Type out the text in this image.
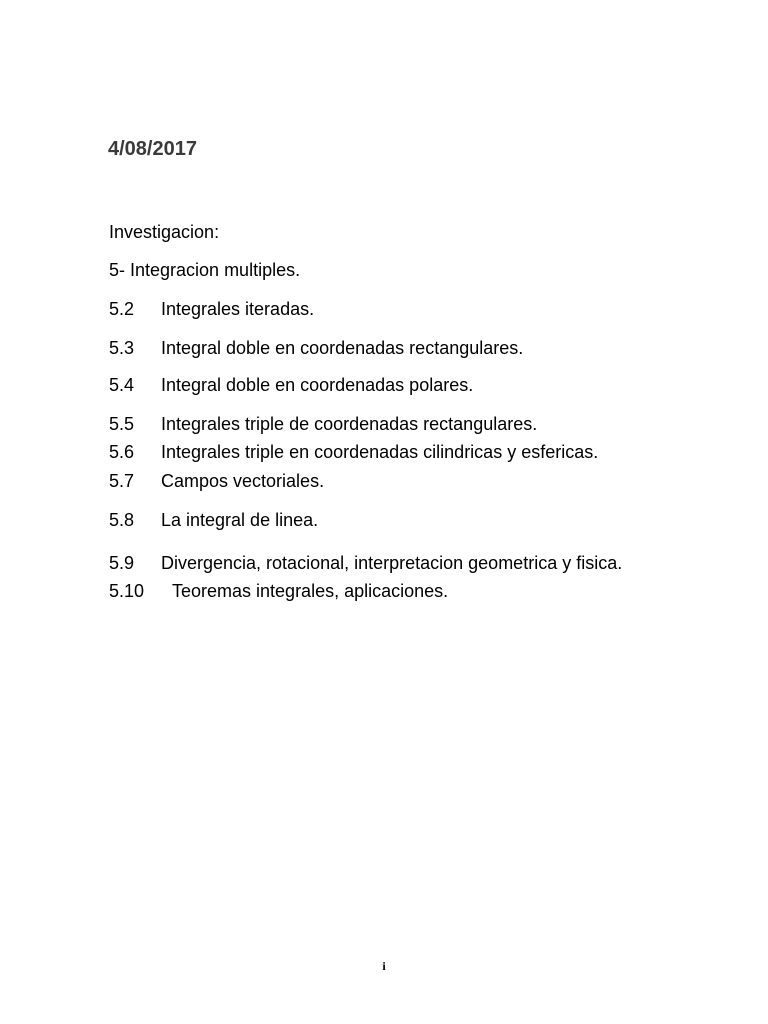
4/08/2017
Investigacion:
5- Integracion multiples.
5.2 Integrales iteradas.
5.3 Integral doble en coordenadas rectangulares.
5.4 Integral doble en coordenadas polares.
5.5 Integrales triple de coordenadas rectangulares.
5.6 Integrales triple en coordenadas cilindricas y esfericas.
5.7 Campos vectoriales.
5.8 La integral de linea.
5.9 Divergencia, rotacional, interpretacion geometrica y fisica.
5.10 Teoremas integrales, aplicaciones.
i
